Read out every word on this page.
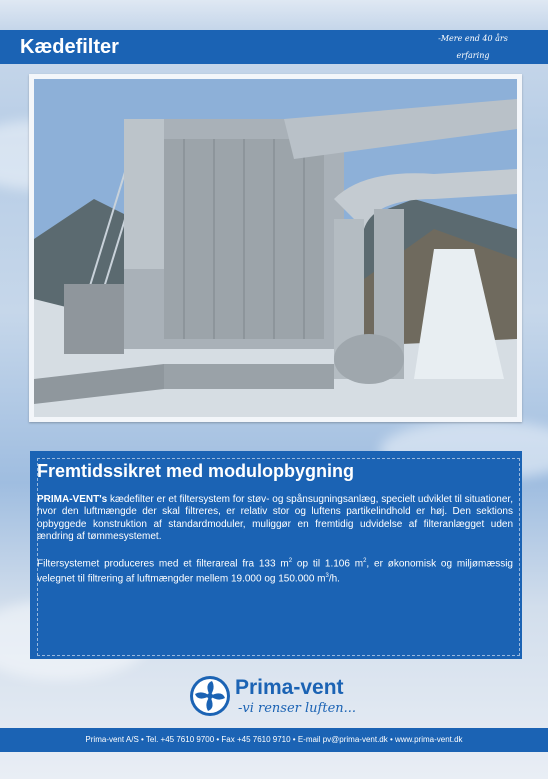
Kædefilter	-Mere end 40 års erfaring
Fremtidssikret med modulopbygning

PRIMA-VENT's kædefilter er et filtersystem for støv- og spånsugningsanlæg, specielt udviklet til situationer, hvor den luftmængde der skal filtreres, er relativ stor og luftens partikelindhold er høj. Den sektions opbyggede konstruktion af standardmoduler, muliggør en fremtidig udvidelse af filteranlægget uden ændring af tømmesystemet.

Filtersystemet produceres med et filterareal fra 133 $m^2$ op til 1.106 $m^2$, er økonomisk og miljømæssig velegnet til filtrering af luftmængder mellem 19.000 og 150.000 $m^3/h$.

Prima-vent
-vi renser luften...
Prima-vent A/S • Tel. +45 7610 9700 • Fax +45 7610 9710 • E-mail pv@prima-vent.dk • www.prima-vent.dk
